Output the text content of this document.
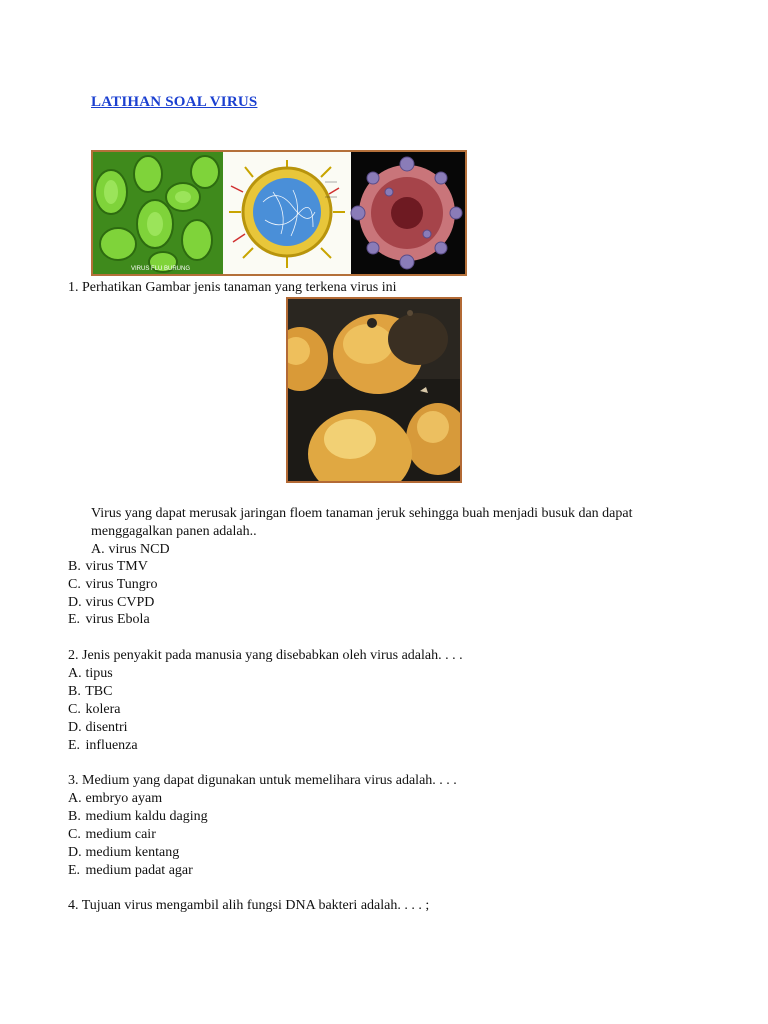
LATIHAN SOAL VIRUS
VIRUS FLU BURUNG
1. Perhatikan Gambar jenis tanaman yang terkena virus ini
Virus yang dapat merusak jaringan floem tanaman jeruk sehingga buah menjadi busuk dan dapat
menggagalkan panen adalah..
A. virus NCD
B. virus TMV
C. virus Tungro
D. virus CVPD
E. virus Ebola
2. Jenis penyakit pada manusia yang disebabkan oleh virus adalah. . . .
A. tipus
B. TBC
C. kolera
D. disentri
E. influenza
3. Medium yang dapat digunakan untuk memelihara virus adalah. . . .
A. embryo ayam
B. medium kaldu daging
C. medium cair
D. medium kentang
E. medium padat agar
4. Tujuan virus mengambil alih fungsi DNA bakteri adalah. . . . ;
